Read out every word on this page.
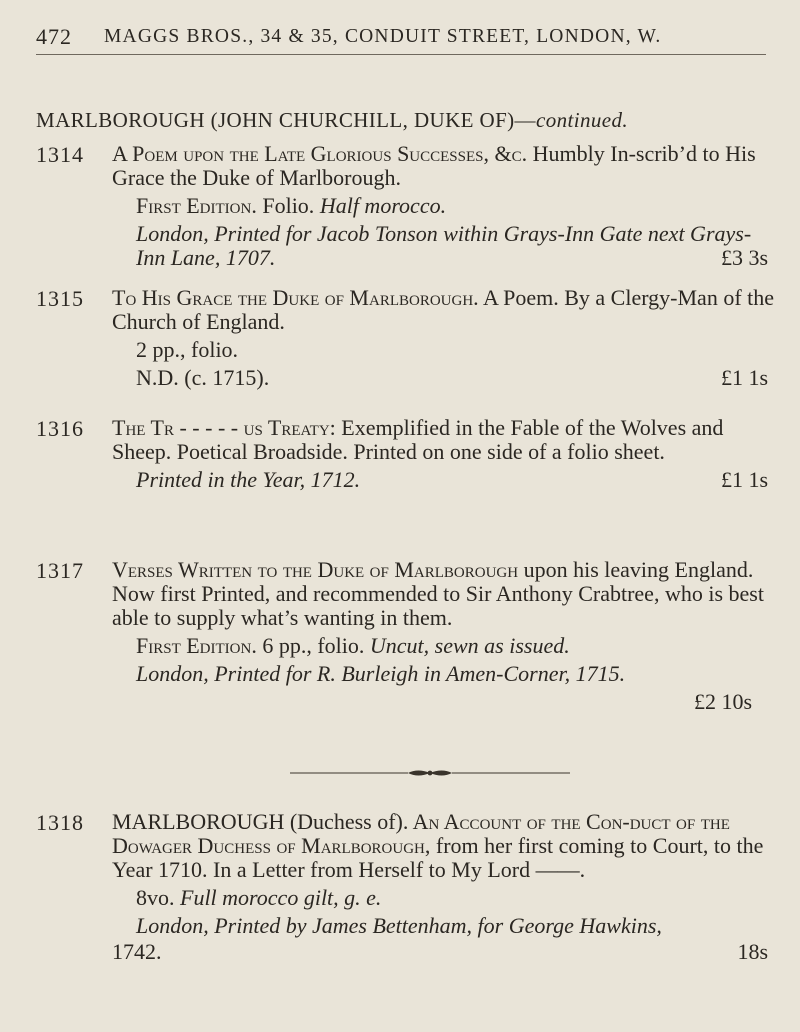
472 MAGGS BROS., 34 & 35, CONDUIT STREET, LONDON, W.
MARLBOROUGH (JOHN CHURCHILL, DUKE OF)—continued.
1314 A Poem upon the Late Glorious Successes, &c. Humbly In-scrib’d to His Grace the Duke of Marlborough.

First Edition. Folio. Half morocco.

London, Printed for Jacob Tonson within Grays-Inn Gate next Grays-Inn Lane, 1707.	£3 3s

1315 To His Grace the Duke of Marlborough. A Poem. By a Clergy-Man of the Church of England.

2 pp., folio.

N.D. (c. 1715).	£1 1s

1316 The Tr - - - - - us Treaty: Exemplified in the Fable of the Wolves and Sheep. Poetical Broadside. Printed on one side of a folio sheet.

Printed in the Year, 1712.	£1 1s

1317 Verses Written to the Duke of Marlborough upon his leaving England. Now first Printed, and recommended to Sir Anthony Crabtree, who is best able to supply what’s wanting in them.

First Edition. 6 pp., folio. Uncut, sewn as issued.

London, Printed for R. Burleigh in Amen-Corner, 1715.

£2 10s

1318 MARLBOROUGH (Duchess of). An Account of the Con-duct of the Dowager Duchess of Marlborough, from her first coming to Court, to the Year 1710. In a Letter from Herself to My Lord ——.

8vo. Full morocco gilt, g. e.

London, Printed by James Bettenham, for George Hawkins,

1742.	18s
